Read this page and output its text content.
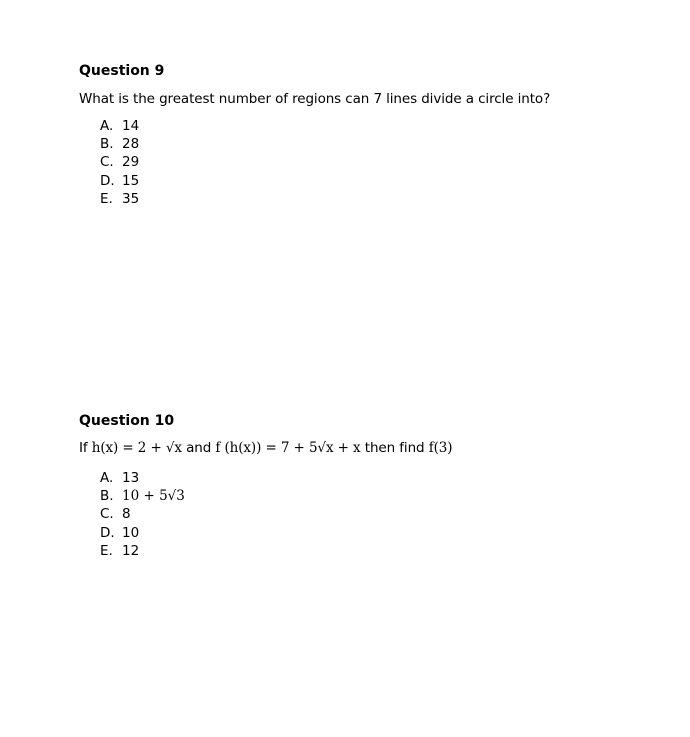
Question 9

What is the greatest number of regions can 7 lines divide a circle into?

A. 14
B. 28
C. 29
D. 15
E. 35

Question 10

If h(x) = 2 + √x and f (h(x)) = 7 + 5√x + x then find f(3)

A. 13
B. 10 + 5√3
C. 8
D. 10
E. 12
